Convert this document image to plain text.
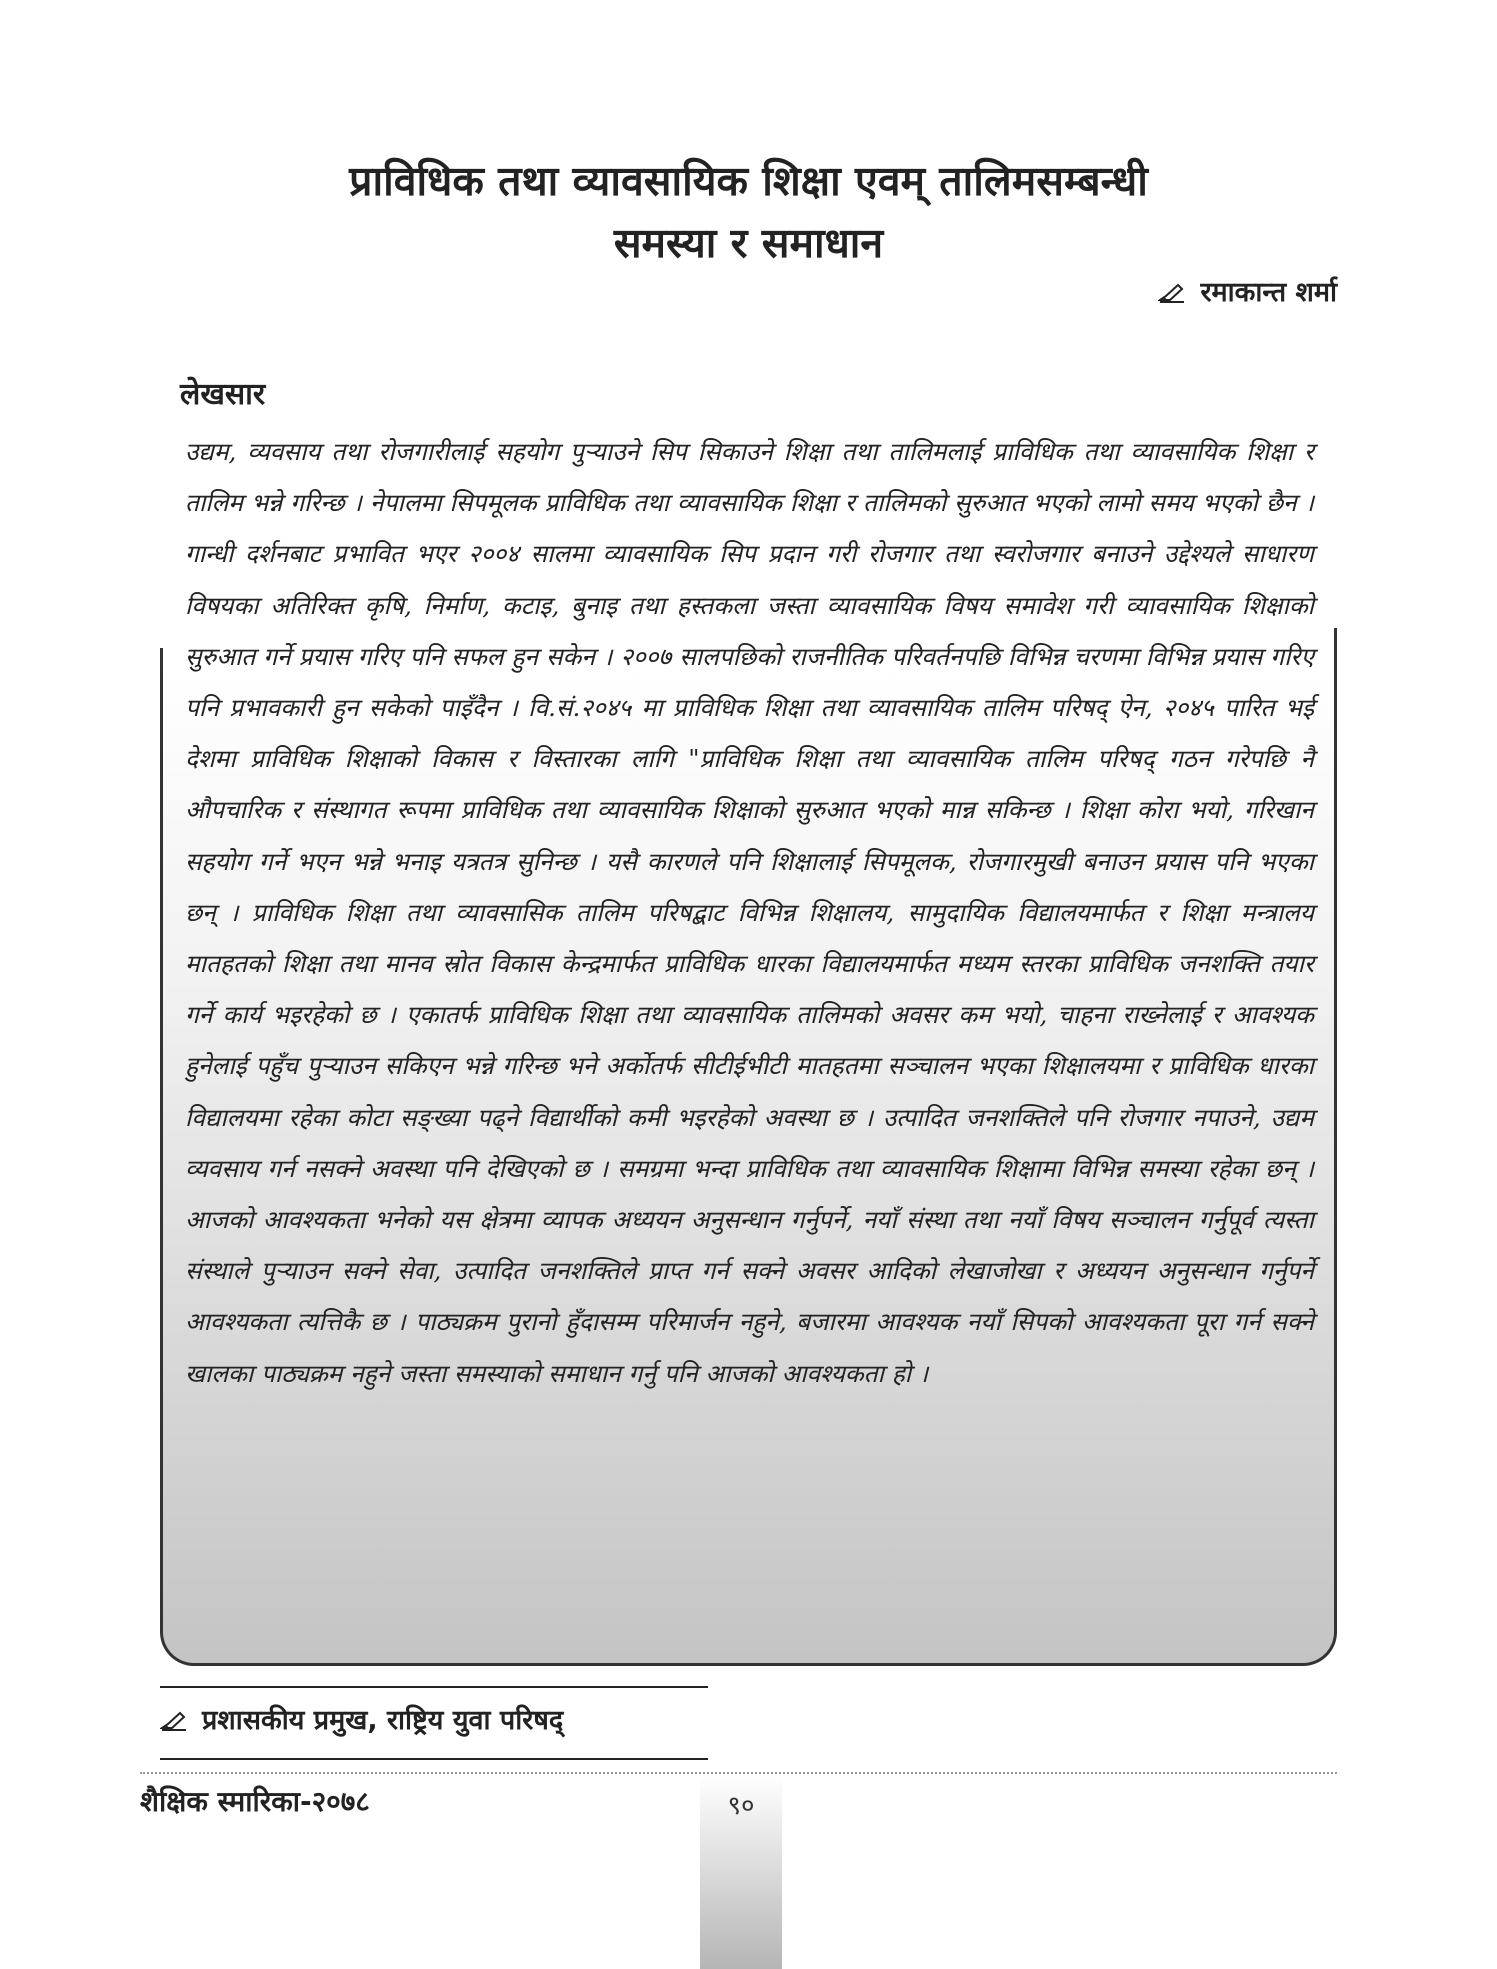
प्राविधिक तथा व्यावसायिक शिक्षा एवम् तालिमसम्बन्धी
समस्या र समाधान
रमाकान्त शर्मा
लेखसार

उद्यम, व्यवसाय तथा रोजगारीलाई सहयोग पुऱ्याउने सिप सिकाउने शिक्षा तथा तालिमलाई प्राविधिक तथा व्यावसायिक शिक्षा र तालिम भन्ने गरिन्छ । नेपालमा सिपमूलक प्राविधिक तथा व्यावसायिक शिक्षा र तालिमको सुरुआत भएको लामो समय भएको छैन । गान्धी दर्शनबाट प्रभावित भएर २००४ सालमा व्यावसायिक सिप प्रदान गरी रोजगार तथा स्वरोजगार बनाउने उद्देश्यले साधारण विषयका अतिरिक्त कृषि, निर्माण, कटाइ, बुनाइ तथा हस्तकला जस्ता व्यावसायिक विषय समावेश गरी व्यावसायिक शिक्षाको सुरुआत गर्ने प्रयास गरिए पनि सफल हुन सकेन । २००७ सालपछिको राजनीतिक परिवर्तनपछि विभिन्न चरणमा विभिन्न प्रयास गरिए पनि प्रभावकारी हुन सकेको पाइँदैन । वि.सं.२०४५ मा प्राविधिक शिक्षा तथा व्यावसायिक तालिम परिषद् ऐन, २०४५ पारित भई देशमा प्राविधिक शिक्षाको विकास र विस्तारका लागि "प्राविधिक शिक्षा तथा व्यावसायिक तालिम परिषद् गठन गरेपछि नै औपचारिक र संस्थागत रूपमा प्राविधिक तथा व्यावसायिक शिक्षाको सुरुआत भएको मान्न सकिन्छ । शिक्षा कोरा भयो, गरिखान सहयोग गर्ने भएन भन्ने भनाइ यत्रतत्र सुनिन्छ । यसै कारणले पनि शिक्षालाई सिपमूलक, रोजगारमुखी बनाउन प्रयास पनि भएका छन् । प्राविधिक शिक्षा तथा व्यावसासिक तालिम परिषद्बाट विभिन्न शिक्षालय, सामुदायिक विद्यालयमार्फत र शिक्षा मन्त्रालय मातहतको शिक्षा तथा मानव स्रोत विकास केन्द्रमार्फत प्राविधिक धारका विद्यालयमार्फत मध्यम स्तरका प्राविधिक जनशक्ति तयार गर्ने कार्य भइरहेको छ । एकातर्फ प्राविधिक शिक्षा तथा व्यावसायिक तालिमको अवसर कम भयो, चाहना राख्नेलाई र आवश्यक हुनेलाई पहुँच पुऱ्याउन सकिएन भन्ने गरिन्छ भने अर्कोतर्फ सीटीईभीटी मातहतमा सञ्चालन भएका शिक्षालयमा र प्राविधिक धारका विद्यालयमा रहेका कोटा सङ्ख्या पढ्ने विद्यार्थीको कमी भइरहेको अवस्था छ । उत्पादित जनशक्तिले पनि रोजगार नपाउने, उद्यम व्यवसाय गर्न नसक्ने अवस्था पनि देखिएको छ । समग्रमा भन्दा प्राविधिक तथा व्यावसायिक शिक्षामा विभिन्न समस्या रहेका छन् । आजको आवश्यकता भनेको यस क्षेत्रमा व्यापक अध्ययन अनुसन्धान गर्नुपर्ने, नयाँ संस्था तथा नयाँ विषय सञ्चालन गर्नुपूर्व त्यस्ता संस्थाले पुऱ्याउन सक्ने सेवा, उत्पादित जनशक्तिले प्राप्त गर्न सक्ने अवसर आदिको लेखाजोखा र अध्ययन अनुसन्धान गर्नुपर्ने आवश्यकता त्यत्तिकै छ । पाठ्यक्रम पुरानो हुँदासम्म परिमार्जन नहुने, बजारमा आवश्यक नयाँ सिपको आवश्यकता पूरा गर्न सक्ने खालका पाठ्यक्रम नहुने जस्ता समस्याको समाधान गर्नु पनि आजको आवश्यकता हो ।

प्रशासकीय प्रमुख, राष्ट्रिय युवा परिषद्
शैक्षिक स्मारिका-२०७८	९०
